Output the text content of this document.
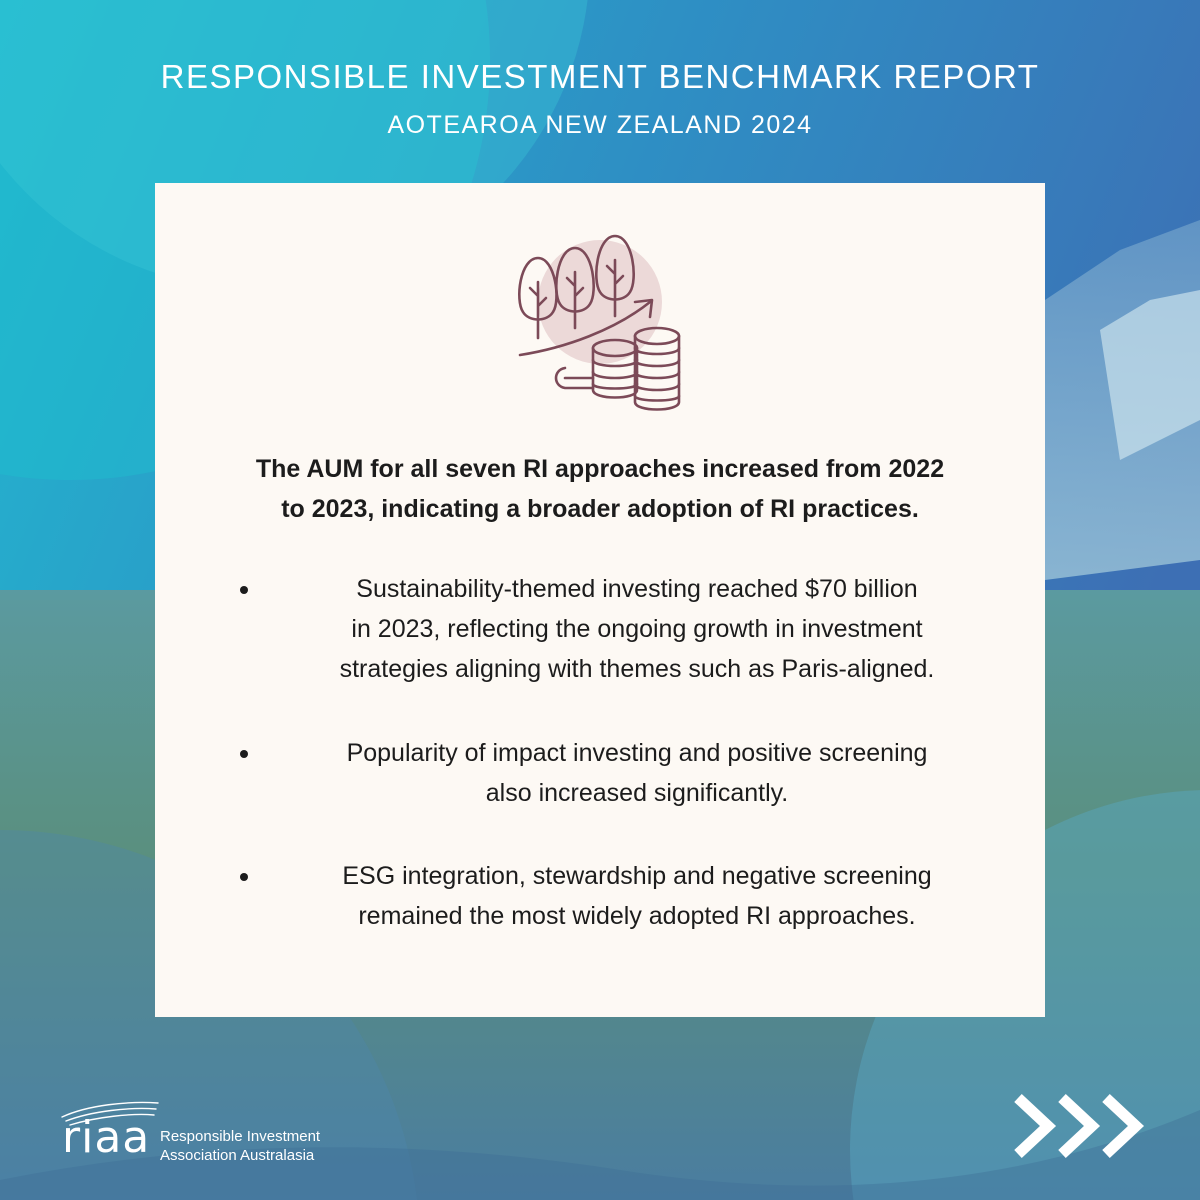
RESPONSIBLE INVESTMENT BENCHMARK REPORT
AOTEAROA NEW ZEALAND 2024
The AUM for all seven RI approaches increased from 2022
to 2023, indicating a broader adoption of RI practices.
Sustainability-themed investing reached $70 billion
in 2023, reflecting the ongoing growth in investment
strategies aligning with themes such as Paris-aligned.
Popularity of impact investing and positive screening
also increased significantly.
ESG integration, stewardship and negative screening
remained the most widely adopted RI approaches.
riaa Responsible Investment
Association Australasia
